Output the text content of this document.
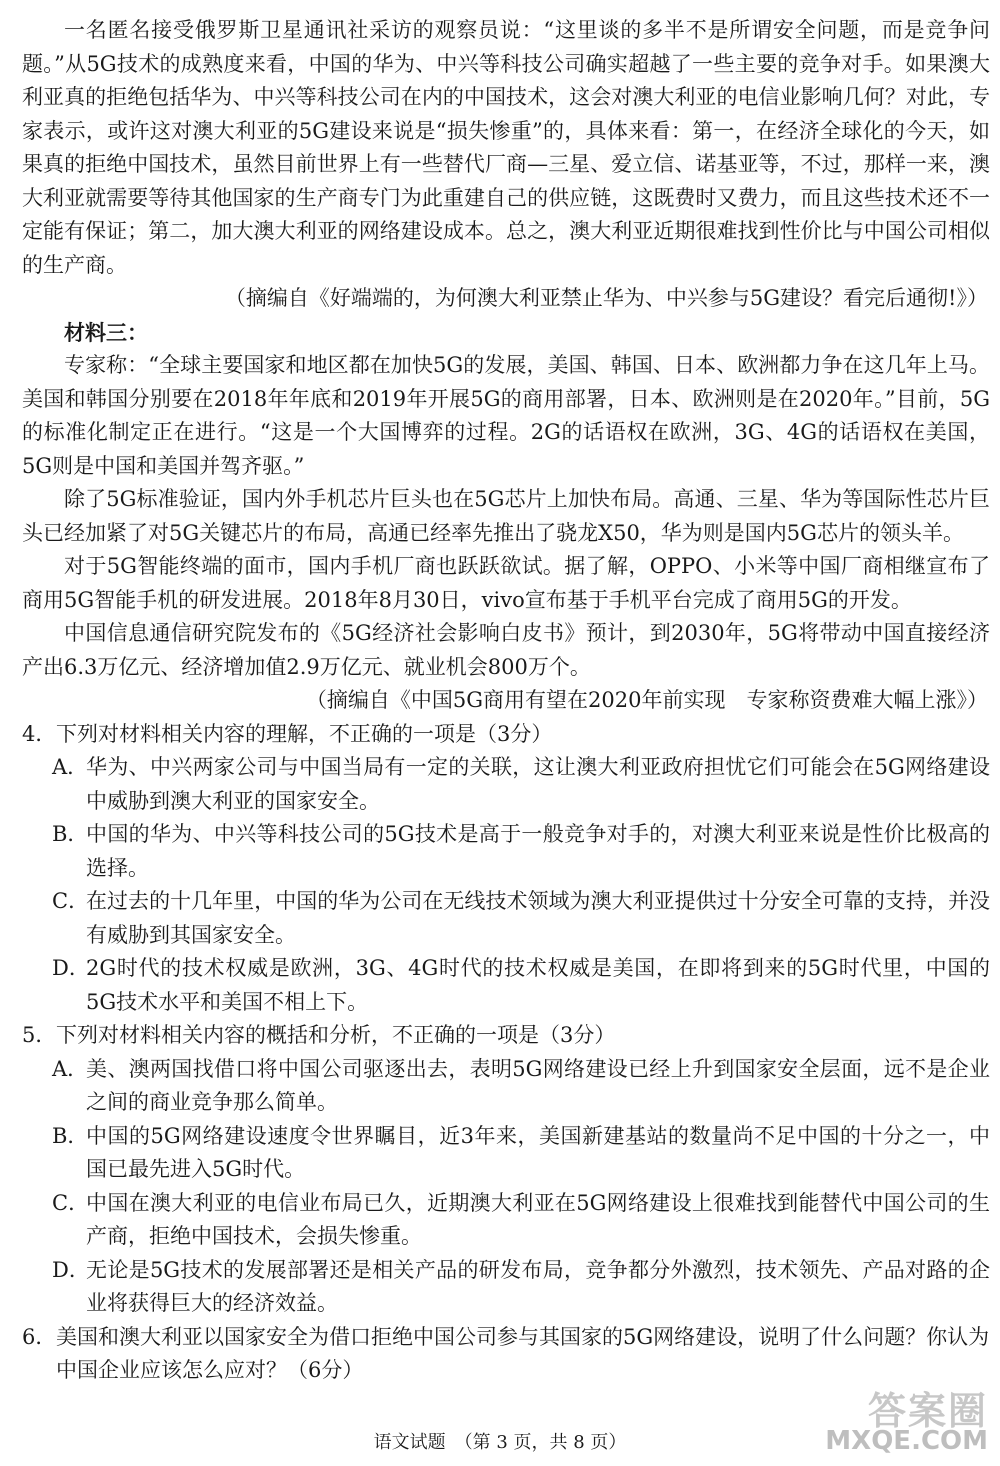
一名匿名接受俄罗斯卫星通讯社采访的观察员说：“这里谈的多半不是所谓安全问题，而是竞争问题。”从5G技术的成熟度来看，中国的华为、中兴等科技公司确实超越了一些主要的竞争对手。如果澳大利亚真的拒绝包括华为、中兴等科技公司在内的中国技术，这会对澳大利亚的电信业影响几何？对此，专家表示，或许这对澳大利亚的5G建设来说是“损失惨重”的，具体来看：第一，在经济全球化的今天，如果真的拒绝中国技术，虽然目前世界上有一些替代厂商—三星、爱立信、诺基亚等，不过，那样一来，澳大利亚就需要等待其他国家的生产商专门为此重建自己的供应链，这既费时又费力，而且这些技术还不一定能有保证；第二，加大澳大利亚的网络建设成本。总之，澳大利亚近期很难找到性价比与中国公司相似的生产商。

（摘编自《好端端的，为何澳大利亚禁止华为、中兴参与5G建设？看完后通彻!》）

材料三：

专家称：“全球主要国家和地区都在加快5G的发展，美国、韩国、日本、欧洲都力争在这几年上马。美国和韩国分别要在2018年年底和2019年开展5G的商用部署，日本、欧洲则是在2020年。”目前，5G的标准化制定正在进行。“这是一个大国博弈的过程。2G的话语权在欧洲，3G、4G的话语权在美国，5G则是中国和美国并驾齐驱。”

除了5G标准验证，国内外手机芯片巨头也在5G芯片上加快布局。高通、三星、华为等国际性芯片巨头已经加紧了对5G关键芯片的布局，高通已经率先推出了骁龙X50，华为则是国内5G芯片的领头羊。

对于5G智能终端的面市，国内手机厂商也跃跃欲试。据了解，OPPO、小米等中国厂商相继宣布了商用5G智能手机的研发进展。2018年8月30日，vivo宣布基于手机平台完成了商用5G的开发。

中国信息通信研究院发布的《5G经济社会影响白皮书》预计，到2030年，5G将带动中国直接经济产出6.3万亿元、经济增加值2.9万亿元、就业机会800万个。

（摘编自《中国5G商用有望在2020年前实现　专家称资费难大幅上涨》）

4． 下列对材料相关内容的理解，不正确的一项是（3分）
A．
华为、中兴两家公司与中国当局有一定的关联，这让澳大利亚政府担忧它们可能会在5G网络建设中威胁到澳大利亚的国家安全。
B．
中国的华为、中兴等科技公司的5G技术是高于一般竞争对手的，对澳大利亚来说是性价比极高的选择。
C．
在过去的十几年里，中国的华为公司在无线技术领域为澳大利亚提供过十分安全可靠的支持，并没有威胁到其国家安全。
D．
2G时代的技术权威是欧洲，3G、4G时代的技术权威是美国，在即将到来的5G时代里，中国的5G技术水平和美国不相上下。
5． 下列对材料相关内容的概括和分析，不正确的一项是（3分）
A．
美、澳两国找借口将中国公司驱逐出去，表明5G网络建设已经上升到国家安全层面，远不是企业之间的商业竞争那么简单。
B．
中国的5G网络建设速度令世界瞩目，近3年来，美国新建基站的数量尚不足中国的十分之一，中国已最先进入5G时代。
C．
中国在澳大利亚的电信业布局已久，近期澳大利亚在5G网络建设上很难找到能替代中国公司的生产商，拒绝中国技术，会损失惨重。
D．
无论是5G技术的发展部署还是相关产品的研发布局，竞争都分外激烈，技术领先、产品对路的企业将获得巨大的经济效益。
6． 美国和澳大利亚以国家安全为借口拒绝中国公司参与其国家的5G网络建设，说明了什么问题？你认为中国企业应该怎么应对？（6分）
语文试题　（第 3 页，共 8 页）
答案圈
MXQE.COM
